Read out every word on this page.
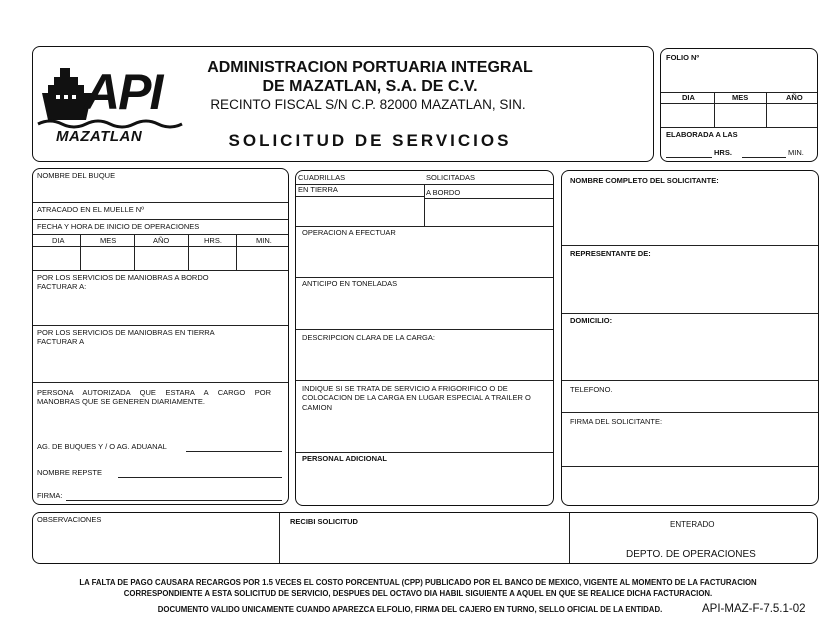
API
MAZATLAN
ADMINISTRACION PORTUARIA INTEGRAL
DE MAZATLAN, S.A. DE C.V.
RECINTO FISCAL S/N C.P. 82000 MAZATLAN, SIN.
SOLICITUD DE SERVICIOS
FOLIO Nº
DIA	MES	AÑO
ELABORADA A LAS
HRS.	MIN.
NOMBRE DEL BUQUE
ATRACADO EN EL MUELLE Nº
FECHA Y HORA DE INICIO DE OPERACIONES
DIA	MES	AÑO	HRS.	MIN.
POR LOS SERVICIOS DE MANIOBRAS A BORDO FACTURAR A:
POR LOS SERVICIOS DE MANIOBRAS EN TIERRA FACTURAR A
PERSONA AUTORIZADA QUE ESTARA A CARGO POR MANOBRAS QUE SE GENEREN DIARIAMENTE.
AG. DE BUQUES Y / O AG. ADUANAL
NOMBRE REPSTE
FIRMA:
CUADRILLAS	SOLICITADAS
EN TIERRA	A BORDO
OPERACION A EFECTUAR
ANTICIPO EN TONELADAS
DESCRIPCION CLARA DE LA CARGA:
INDIQUE SI SE TRATA DE SERVICIO A FRIGORIFICO O DE COLOCACION DE LA CARGA EN LUGAR ESPECIAL A TRAILER O CAMION
PERSONAL ADICIONAL
NOMBRE COMPLETO DEL SOLICITANTE:
REPRESENTANTE DE:
DOMICILIO:
TELEFONO.
FIRMA DEL SOLICITANTE:
OBSERVACIONES	RECIBI SOLICITUD	ENTERADO
DEPTO. DE OPERACIONES
LA FALTA DE PAGO CAUSARA RECARGOS POR 1.5 VECES EL COSTO PORCENTUAL (CPP) PUBLICADO POR EL BANCO DE MEXICO, VIGENTE AL MOMENTO DE LA FACTURACION
CORRESPONDIENTE A ESTA SOLICITUD DE SERVICIO, DESPUES DEL OCTAVO DIA HABIL SIGUIENTE A AQUEL EN QUE SE REALICE DICHA FACTURACION.
DOCUMENTO VALIDO UNICAMENTE CUANDO APAREZCA ELFOLIO, FIRMA DEL CAJERO EN TURNO, SELLO OFICIAL DE LA ENTIDAD.	API-MAZ-F-7.5.1-02
